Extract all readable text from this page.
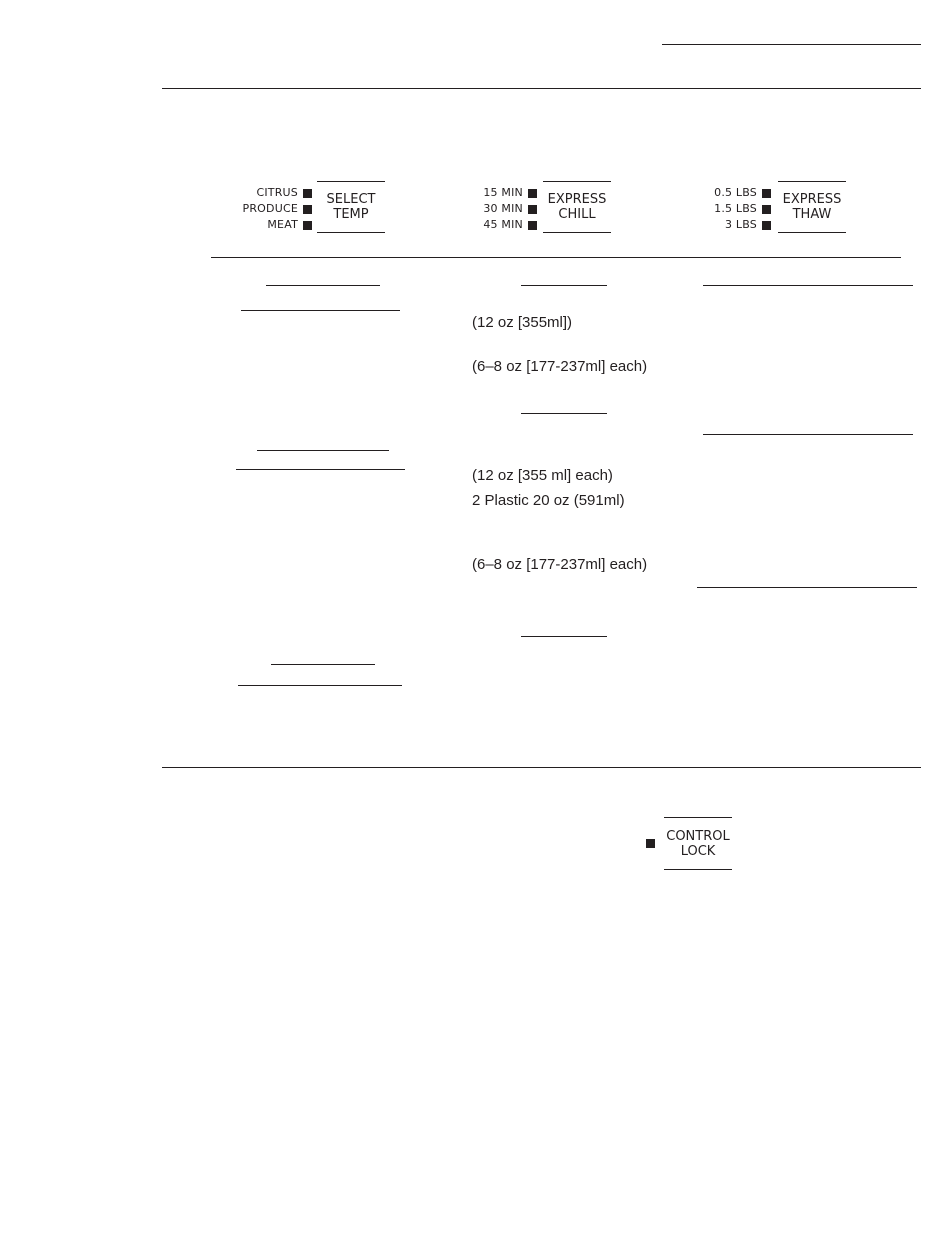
CITRUS
PRODUCE
MEAT
SELECT
TEMP
15 MIN
30 MIN
45 MIN
EXPRESS
CHILL
0.5 LBS
1.5 LBS
3 LBS
EXPRESS
THAW
(12 oz [355ml])
(6–8 oz [177-237ml] each)
(12 oz [355 ml] each)
2 Plastic 20 oz (591ml)
(6–8 oz [177-237ml] each)
CONTROL
LOCK
